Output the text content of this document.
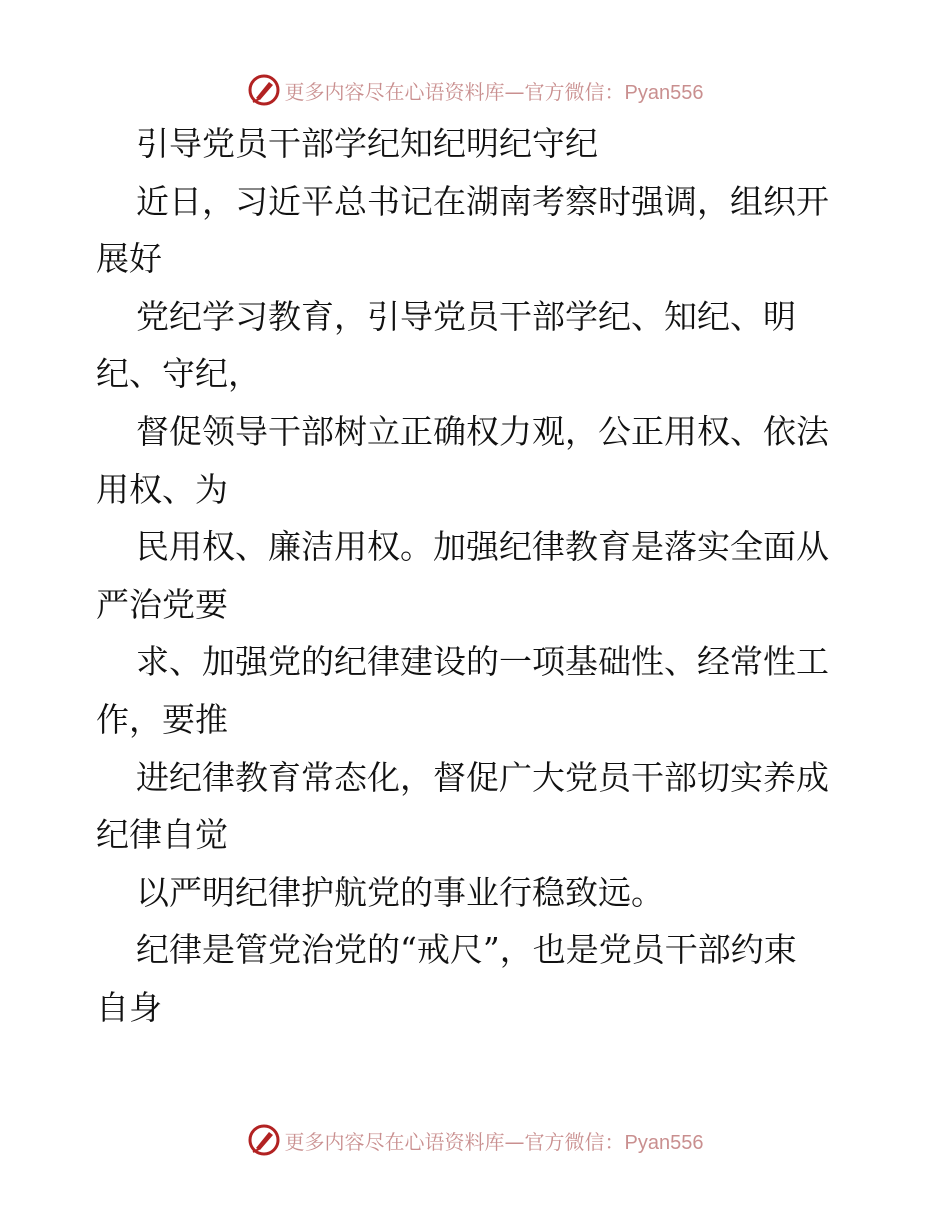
更多内容尽在心语资料库—官方微信：Pyan556
引导党员干部学纪知纪明纪守纪
近日，习近平总书记在湖南考察时强调，组织开
展好
党纪学习教育，引导党员干部学纪、知纪、明
纪、守纪，
督促领导干部树立正确权力观，公正用权、依法
用权、为
民用权、廉洁用权。加强纪律教育是落实全面从
严治党要
求、加强党的纪律建设的一项基础性、经常性工
作，要推
进纪律教育常态化，督促广大党员干部切实养成
纪律自觉
以严明纪律护航党的事业行稳致远。
纪律是管党治党的“戒尺”，也是党员干部约束
自身
更多内容尽在心语资料库—官方微信：Pyan556
